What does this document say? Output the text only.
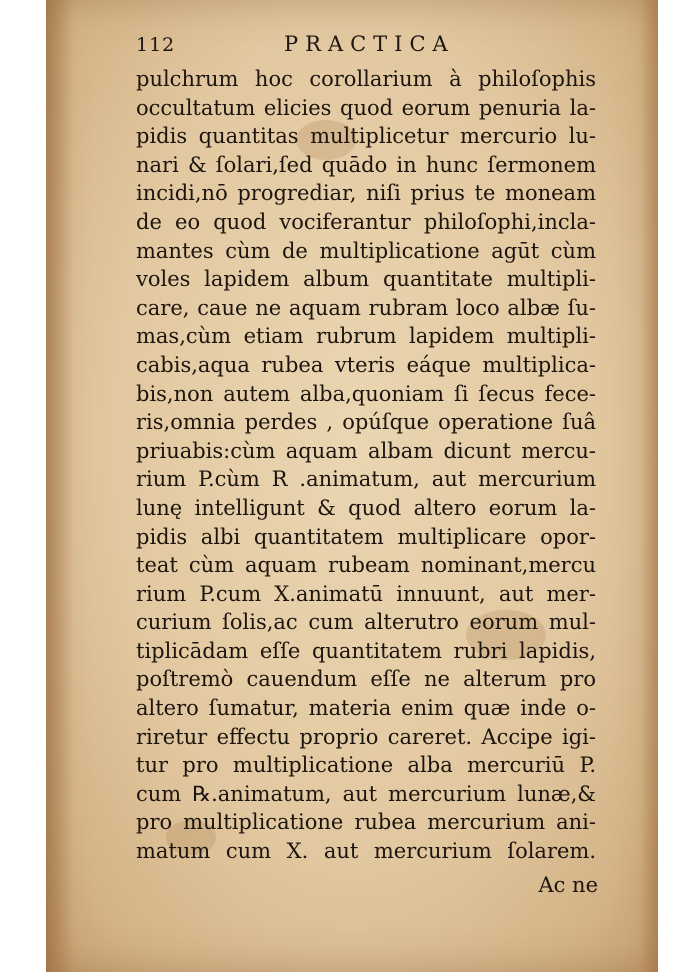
112	PRACTICA
pulchrum hoc corollarium à philoſophis
occultatum elicies quod eorum penuria la-
pidis quantitas multiplicetur mercurio lu-
nari & ſolari,ſed quādo in hunc ſermonem
incidi,nō progrediar, niſi prius te moneam
de eo quod vociferantur philoſophi,incla-
mantes cùm de multiplicatione agūt cùm
voles lapidem album quantitate multipli-
care, caue ne aquam rubram loco albæ ſu-
mas,cùm etiam rubrum lapidem multipli-
cabis,aqua rubea vteris eáque multiplica-
bis,non autem alba,quoniam ſi ſecus fece-
ris,omnia perdes , opúſque operatione ſuâ
priuabis:cùm aquam albam dicunt mercu-
rium P.cùm R .animatum, aut mercurium
lunę intelligunt & quod altero eorum la-
pidis albi quantitatem multiplicare opor-
teat cùm aquam rubeam nominant,mercu
rium P.cum X.animatū innuunt, aut mer-
curium ſolis,ac cum alterutro eorum mul-
tiplicādam eſſe quantitatem rubri lapidis,
poſtremò cauendum eſſe ne alterum pro
altero ſumatur, materia enim quæ inde o-
riretur effectu proprio careret. Accipe igi-
tur pro multiplicatione alba mercuriū P.
cum ℞.animatum, aut mercurium lunæ,&
pro multiplicatione rubea mercurium ani-
matum cum X. aut mercurium ſolarem.
Ac ne
